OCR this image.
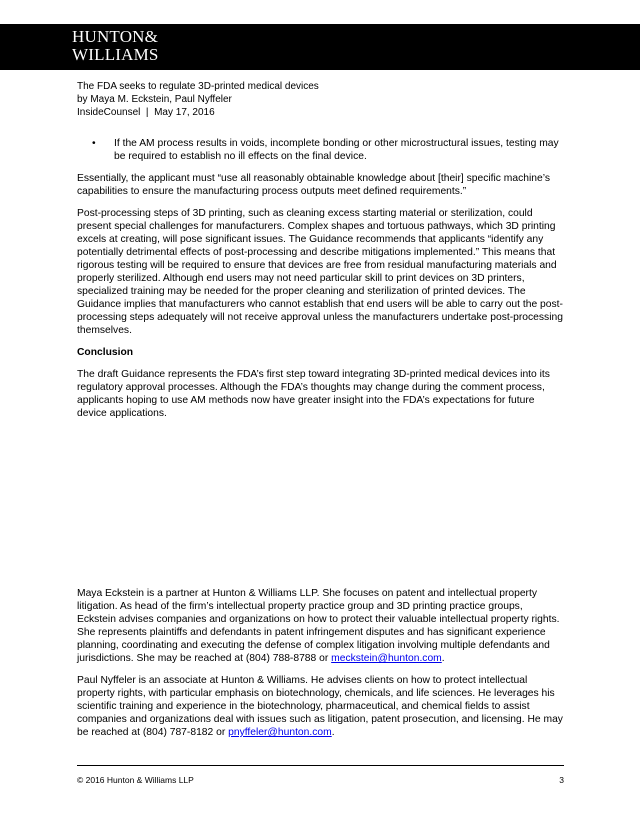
HUNTON&
WILLIAMS
The FDA seeks to regulate 3D-printed medical devices
by Maya M. Eckstein, Paul Nyffeler
InsideCounsel  |  May 17, 2016
• If the AM process results in voids, incomplete bonding or other microstructural issues, testing may be required to establish no ill effects on the final device.

Essentially, the applicant must “use all reasonably obtainable knowledge about [their] specific machine’s capabilities to ensure the manufacturing process outputs meet defined requirements.”

Post-processing steps of 3D printing, such as cleaning excess starting material or sterilization, could present special challenges for manufacturers. Complex shapes and tortuous pathways, which 3D printing excels at creating, will pose significant issues. The Guidance recommends that applicants “identify any potentially detrimental effects of post-processing and describe mitigations implemented.” This means that rigorous testing will be required to ensure that devices are free from residual manufacturing materials and properly sterilized. Although end users may not need particular skill to print devices on 3D printers, specialized training may be needed for the proper cleaning and sterilization of printed devices. The Guidance implies that manufacturers who cannot establish that end users will be able to carry out the post-processing steps adequately will not receive approval unless the manufacturers undertake post-processing themselves.

Conclusion

The draft Guidance represents the FDA’s first step toward integrating 3D-printed medical devices into its regulatory approval processes. Although the FDA’s thoughts may change during the comment process, applicants hoping to use AM methods now have greater insight into the FDA’s expectations for future device applications.

Maya Eckstein is a partner at Hunton & Williams LLP. She focuses on patent and intellectual property litigation. As head of the firm’s intellectual property practice group and 3D printing practice groups, Eckstein advises companies and organizations on how to protect their valuable intellectual property rights. She represents plaintiffs and defendants in patent infringement disputes and has significant experience planning, coordinating and executing the defense of complex litigation involving multiple defendants and jurisdictions. She may be reached at (804) 788-8788 or meckstein@hunton.com.

Paul Nyffeler is an associate at Hunton & Williams. He advises clients on how to protect intellectual property rights, with particular emphasis on biotechnology, chemicals, and life sciences. He leverages his scientific training and experience in the biotechnology, pharmaceutical, and chemical fields to assist companies and organizations deal with issues such as litigation, patent prosecution, and licensing. He may be reached at (804) 787-8182 or pnyffeler@hunton.com.

© 2016 Hunton & Williams LLP	3
